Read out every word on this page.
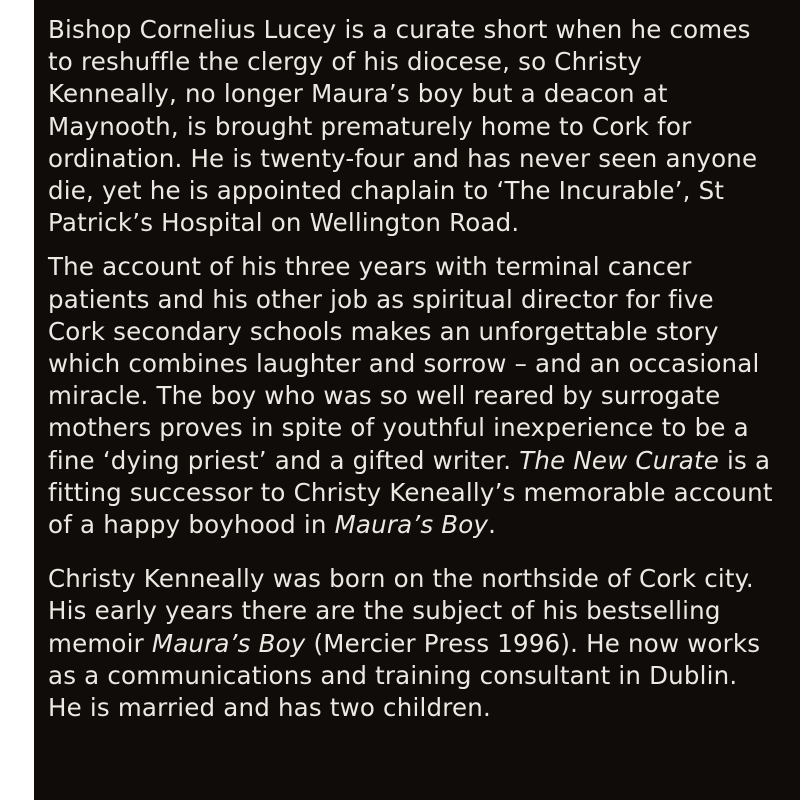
Bishop Cornelius Lucey is a curate short when he comes to reshuffle the clergy of his diocese, so Christy Kenneally, no longer Maura’s boy but a deacon at Maynooth, is brought prematurely home to Cork for ordination. He is twenty-four and has never seen anyone die, yet he is appointed chaplain to ‘The Incurable’, St Patrick’s Hospital on Wellington Road.

The account of his three years with terminal cancer patients and his other job as spiritual director for five Cork secondary schools makes an unforgettable story which combines laughter and sorrow – and an occasional miracle. The boy who was so well reared by surrogate mothers proves in spite of youthful inexperience to be a fine ‘dying priest’ and a gifted writer. The New Curate is a fitting successor to Christy Keneally’s memorable account of a happy boyhood in Maura’s Boy.

Christy Kenneally was born on the northside of Cork city. His early years there are the subject of his bestselling memoir Maura’s Boy (Mercier Press 1996). He now works as a communications and training consultant in Dublin. He is married and has two children.
